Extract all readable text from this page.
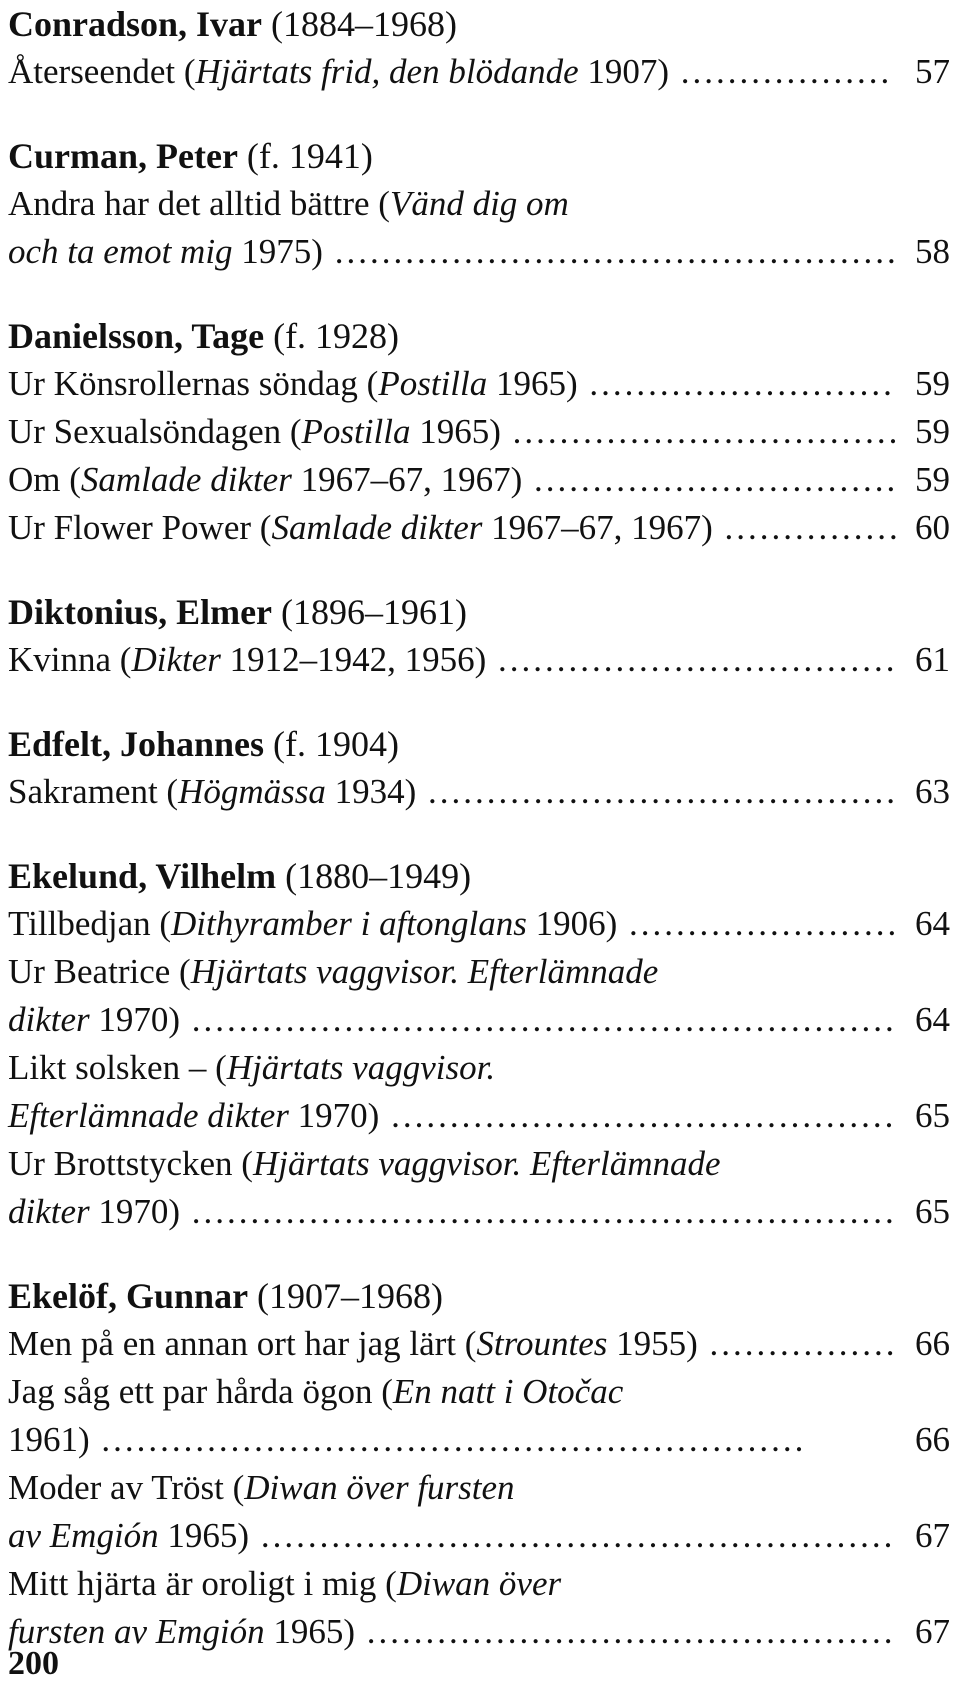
Conradson, Ivar (1884–1968)
Återseendet (Hjärtats frid, den blödande 1907) .................. 57
Curman, Peter (f. 1941)
Andra har det alltid bättre (Vänd dig om
och ta emot mig 1975) ................................................ 58
Danielsson, Tage (f. 1928)
Ur Könsrollernas söndag (Postilla 1965) .......................... 59
Ur Sexualsöndagen (Postilla 1965) ................................. 59
Om (Samlade dikter 1967–67, 1967) ............................... 59
Ur Flower Power (Samlade dikter 1967–67, 1967) ............... 60
Diktonius, Elmer (1896–1961)
Kvinna (Dikter 1912–1942, 1956) .................................. 61
Edfelt, Johannes (f. 1904)
Sakrament (Högmässa 1934) ........................................ 63
Ekelund, Vilhelm (1880–1949)
Tillbedjan (Dithyramber i aftonglans 1906) ....................... 64
Ur Beatrice (Hjärtats vaggvisor. Efterlämnade
dikter 1970) ............................................................ 64
Likt solsken – (Hjärtats vaggvisor.
Efterlämnade dikter 1970) ........................................... 65
Ur Brottstycken (Hjärtats vaggvisor. Efterlämnade
dikter 1970) ............................................................ 65
Ekelöf, Gunnar (1907–1968)
Men på en annan ort har jag lärt (Strountes 1955) ................ 66
Jag såg ett par hårda ögon (En natt i Otočac
1961) ............................................................	66
Moder av Tröst (Diwan över fursten
av Emgión 1965) ...................................................... 67
Mitt hjärta är oroligt i mig (Diwan över
fursten av Emgión 1965) ............................................. 67
200
